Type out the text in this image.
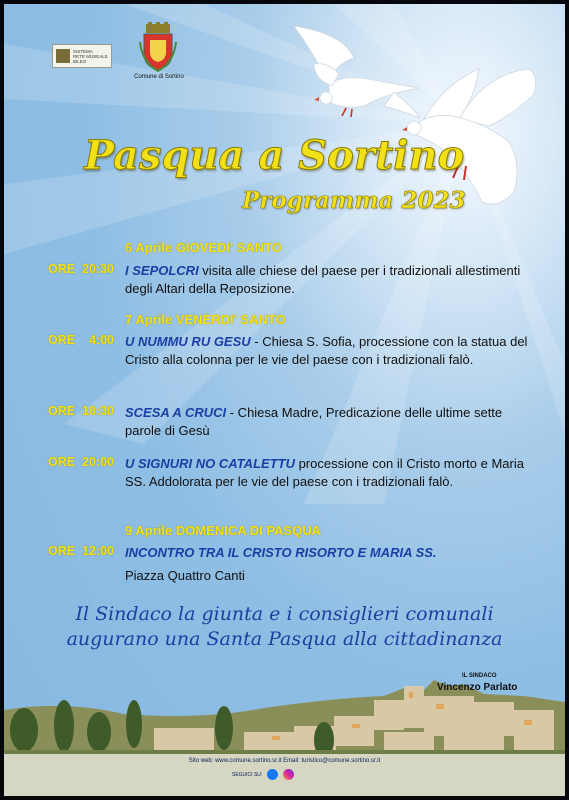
SISTEMA
RETE MUSEALE
IBLEO
Comune di Sortino
Pasqua a Sortino
Programma 2023
6 Aprile GIOVEDI' SANTO
ORE  20:30 I SEPOLCRI visita alle chiese del paese per i tradizionali allestimenti degli Altari della Reposizione.
7 Aprile VENERDI' SANTO
ORE    4:00 U NUMMU RU GESU - Chiesa S. Sofia, processione con la statua del Cristo alla colonna per le vie del paese con i tradizionali falò.
ORE  18:30 SCESA A CRUCI - Chiesa Madre, Predicazione delle ultime sette parole di Gesù
ORE  20:00 U SIGNURI NO CATALETTU processione con il Cristo morto e Maria SS. Addolorata per le vie del paese con i tradizionali falò.
9 Aprile DOMENICA DI PASQUA
ORE  12:00 INCONTRO TRA IL CRISTO RISORTO E MARIA SS.
Piazza Quattro Canti
Il Sindaco la giunta e i consiglieri comunali
augurano una Santa Pasqua alla cittadinanza
IL SINDACO
Vincenzo Parlato
Sito web: www.comune.sortino.sr.it Email: turistico@comune.sortino.sr.it
SEGUICI SU:
